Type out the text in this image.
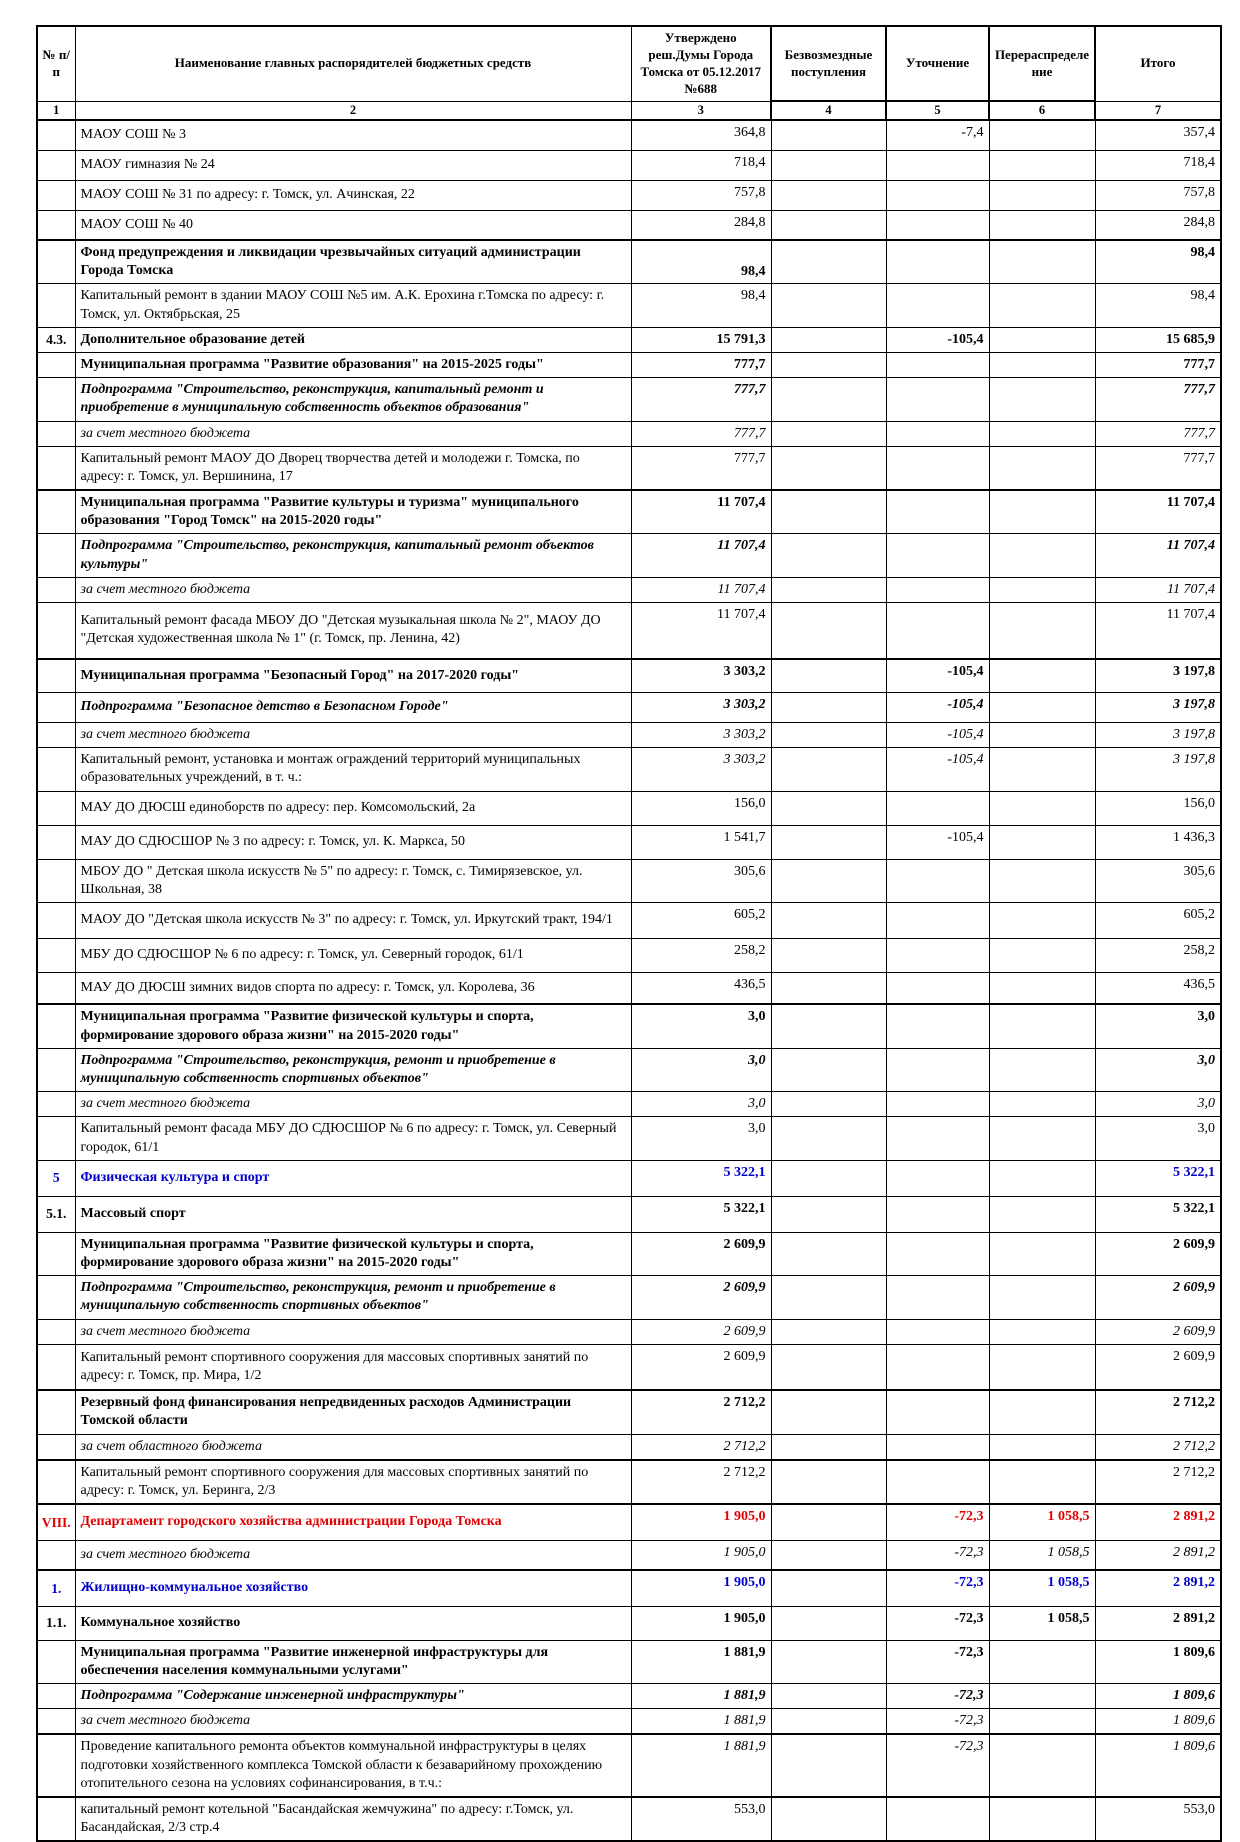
№ п/п	Наименование главных распорядителей бюджетных средств	Утверждено реш.Думы Города Томска от 05.12.2017 №688	Безвозмездные поступления	Уточнение	Перераспределение	Итого
1	2	3	4	5	6	7
	МАОУ СОШ № 3	364,8		-7,4		357,4
	МАОУ гимназия № 24	718,4				718,4
	МАОУ СОШ № 31 по адресу: г. Томск, ул. Ачинская, 22	757,8				757,8
	МАОУ СОШ № 40	284,8				284,8
	Фонд предупреждения и ликвидации чрезвычайных ситуаций администрации Города Томска	98,4				98,4
	Капитальный ремонт в здании МАОУ СОШ №5 им. А.К. Ерохина г.Томска по адресу: г. Томск, ул. Октябрьская, 25	98,4				98,4
4.3.	Дополнительное образование детей	15 791,3		-105,4		15 685,9
	Муниципальная программа "Развитие образования" на 2015-2025 годы"	777,7				777,7
	Подпрограмма "Строительство, реконструкция, капитальный ремонт и приобретение в муниципальную собственность объектов образования"	777,7				777,7
	за счет местного бюджета	777,7				777,7
	Капитальный ремонт МАОУ ДО Дворец творчества детей и молодежи г. Томска, по адресу: г. Томск, ул. Вершинина, 17	777,7				777,7
	Муниципальная программа "Развитие культуры и туризма" муниципального образования "Город Томск" на 2015-2020 годы"	11 707,4				11 707,4
	Подпрограмма "Строительство, реконструкция, капитальный ремонт объектов культуры"	11 707,4				11 707,4
	за счет местного бюджета	11 707,4				11 707,4
	Капитальный ремонт фасада МБОУ ДО "Детская музыкальная школа № 2", МАОУ ДО "Детская художественная школа № 1" (г. Томск, пр. Ленина, 42)	11 707,4				11 707,4
	Муниципальная программа "Безопасный Город" на 2017-2020 годы"	3 303,2		-105,4		3 197,8
	Подпрограмма "Безопасное детство в Безопасном Городе"	3 303,2		-105,4		3 197,8
	за счет местного бюджета	3 303,2		-105,4		3 197,8
	Капитальный ремонт, установка и монтаж ограждений территорий муниципальных образовательных учреждений, в т. ч.:	3 303,2		-105,4		3 197,8
	МАУ ДО ДЮСШ единоборств по адресу: пер. Комсомольский, 2а	156,0				156,0
	МАУ ДО СДЮСШОР № 3 по адресу: г. Томск, ул. К. Маркса, 50	1 541,7		-105,4		1 436,3
	МБОУ ДО " Детская школа искусств № 5" по адресу: г. Томск, с. Тимирязевское, ул. Школьная, 38	305,6				305,6
	МАОУ ДО "Детская школа искусств № 3" по адресу: г. Томск, ул. Иркутский тракт, 194/1	605,2				605,2
	МБУ ДО СДЮСШОР № 6 по адресу: г. Томск, ул. Северный городок, 61/1	258,2				258,2
	МАУ ДО ДЮСШ зимних видов спорта по адресу: г. Томск, ул. Королева, 36	436,5				436,5
	Муниципальная программа "Развитие физической культуры и спорта, формирование здорового образа жизни" на 2015-2020 годы"	3,0				3,0
	Подпрограмма "Строительство, реконструкция, ремонт и приобретение в муниципальную собственность спортивных объектов"	3,0				3,0
	за счет местного бюджета	3,0				3,0
	Капитальный ремонт фасада МБУ ДО СДЮСШОР № 6 по адресу: г. Томск, ул. Северный городок, 61/1	3,0				3,0
5	Физическая культура и спорт	5 322,1				5 322,1
5.1.	Массовый спорт	5 322,1				5 322,1
	Муниципальная программа "Развитие физической культуры и спорта, формирование здорового образа жизни" на 2015-2020 годы"	2 609,9				2 609,9
	Подпрограмма "Строительство, реконструкция, ремонт и приобретение в муниципальную собственность спортивных объектов"	2 609,9				2 609,9
	за счет местного бюджета	2 609,9				2 609,9
	Капитальный ремонт спортивного сооружения для массовых спортивных занятий по адресу: г. Томск, пр. Мира, 1/2	2 609,9				2 609,9
	Резервный фонд финансирования непредвиденных расходов Администрации Томской области	2 712,2				2 712,2
	за счет областного бюджета	2 712,2				2 712,2
	Капитальный ремонт спортивного сооружения для массовых спортивных занятий по адресу: г. Томск, ул. Беринга, 2/3	2 712,2				2 712,2
VIII.	Департамент городского хозяйства администрации Города Томска	1 905,0		-72,3	1 058,5	2 891,2
	за счет местного бюджета	1 905,0		-72,3	1 058,5	2 891,2
1.	Жилищно-коммунальное хозяйство	1 905,0		-72,3	1 058,5	2 891,2
1.1.	Коммунальное хозяйство	1 905,0		-72,3	1 058,5	2 891,2
	Муниципальная программа "Развитие инженерной инфраструктуры для обеспечения населения коммунальными услугами"	1 881,9		-72,3		1 809,6
	Подпрограмма "Содержание инженерной инфраструктуры"	1 881,9		-72,3		1 809,6
	за счет местного бюджета	1 881,9		-72,3		1 809,6
	Проведение капитального ремонта объектов коммунальной инфраструктуры в целях подготовки хозяйственного комплекса Томской области к безаварийному прохождению отопительного сезона на условиях софинансирования, в т.ч.:	1 881,9		-72,3		1 809,6
	капитальный ремонт котельной "Басандайская жемчужина" по адресу: г.Томск, ул. Басандайская, 2/3 стр.4	553,0				553,0
